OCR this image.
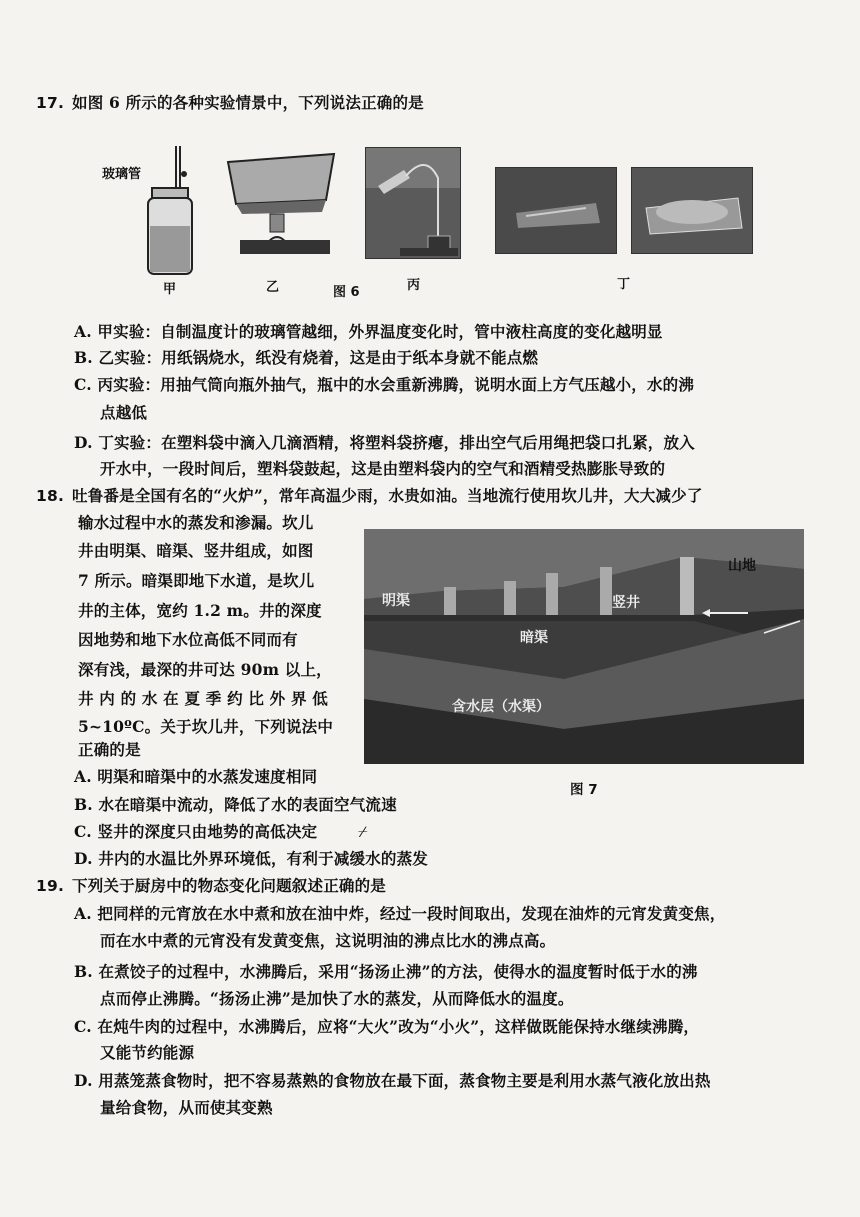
17. 如图 6 所示的各种实验情景中，下列说法正确的是
玻璃管
甲	乙	图 6	丙	丁
A. 甲实验：自制温度计的玻璃管越细，外界温度变化时，管中液柱高度的变化越明显
B. 乙实验：用纸锅烧水，纸没有烧着，这是由于纸本身就不能点燃
C. 丙实验：用抽气筒向瓶外抽气，瓶中的水会重新沸腾，说明水面上方气压越小，水的沸
点越低
D. 丁实验：在塑料袋中滴入几滴酒精，将塑料袋挤瘪，排出空气后用绳把袋口扎紧，放入
开水中，一段时间后，塑料袋鼓起，这是由塑料袋内的空气和酒精受热膨胀导致的
18. 吐鲁番是全国有名的“火炉”，常年高温少雨，水贵如油。当地流行使用坎儿井，大大减少了
输水过程中水的蒸发和渗漏。坎儿
井由明渠、暗渠、竖井组成，如图
7 所示。暗渠即地下水道，是坎儿
井的主体，宽约 1.2 m。井的深度
因地势和地下水位高低不同而有
深有浅，最深的井可达 90m 以上，
井 内 的 水 在 夏 季 约 比 外 界 低
5~10ºC。关于坎儿井，下列说法中
正确的是
山地
明渠	竖井
暗渠
含水层（水渠）
图 7
A. 明渠和暗渠中的水蒸发速度相同
B. 水在暗渠中流动，降低了水的表面空气流速
C. 竖井的深度只由地势的高低决定	⌿
D. 井内的水温比外界环境低，有利于减缓水的蒸发
19. 下列关于厨房中的物态变化问题叙述正确的是
A. 把同样的元宵放在水中煮和放在油中炸，经过一段时间取出，发现在油炸的元宵发黄变焦，
而在水中煮的元宵没有发黄变焦，这说明油的沸点比水的沸点高。
B. 在煮饺子的过程中，水沸腾后，采用“扬汤止沸”的方法，使得水的温度暂时低于水的沸
点而停止沸腾。“扬汤止沸”是加快了水的蒸发，从而降低水的温度。
C. 在炖牛肉的过程中，水沸腾后，应将“大火”改为“小火”，这样做既能保持水继续沸腾，
又能节约能源
D. 用蒸笼蒸食物时，把不容易蒸熟的食物放在最下面，蒸食物主要是利用水蒸气液化放出热
量给食物，从而使其变熟
